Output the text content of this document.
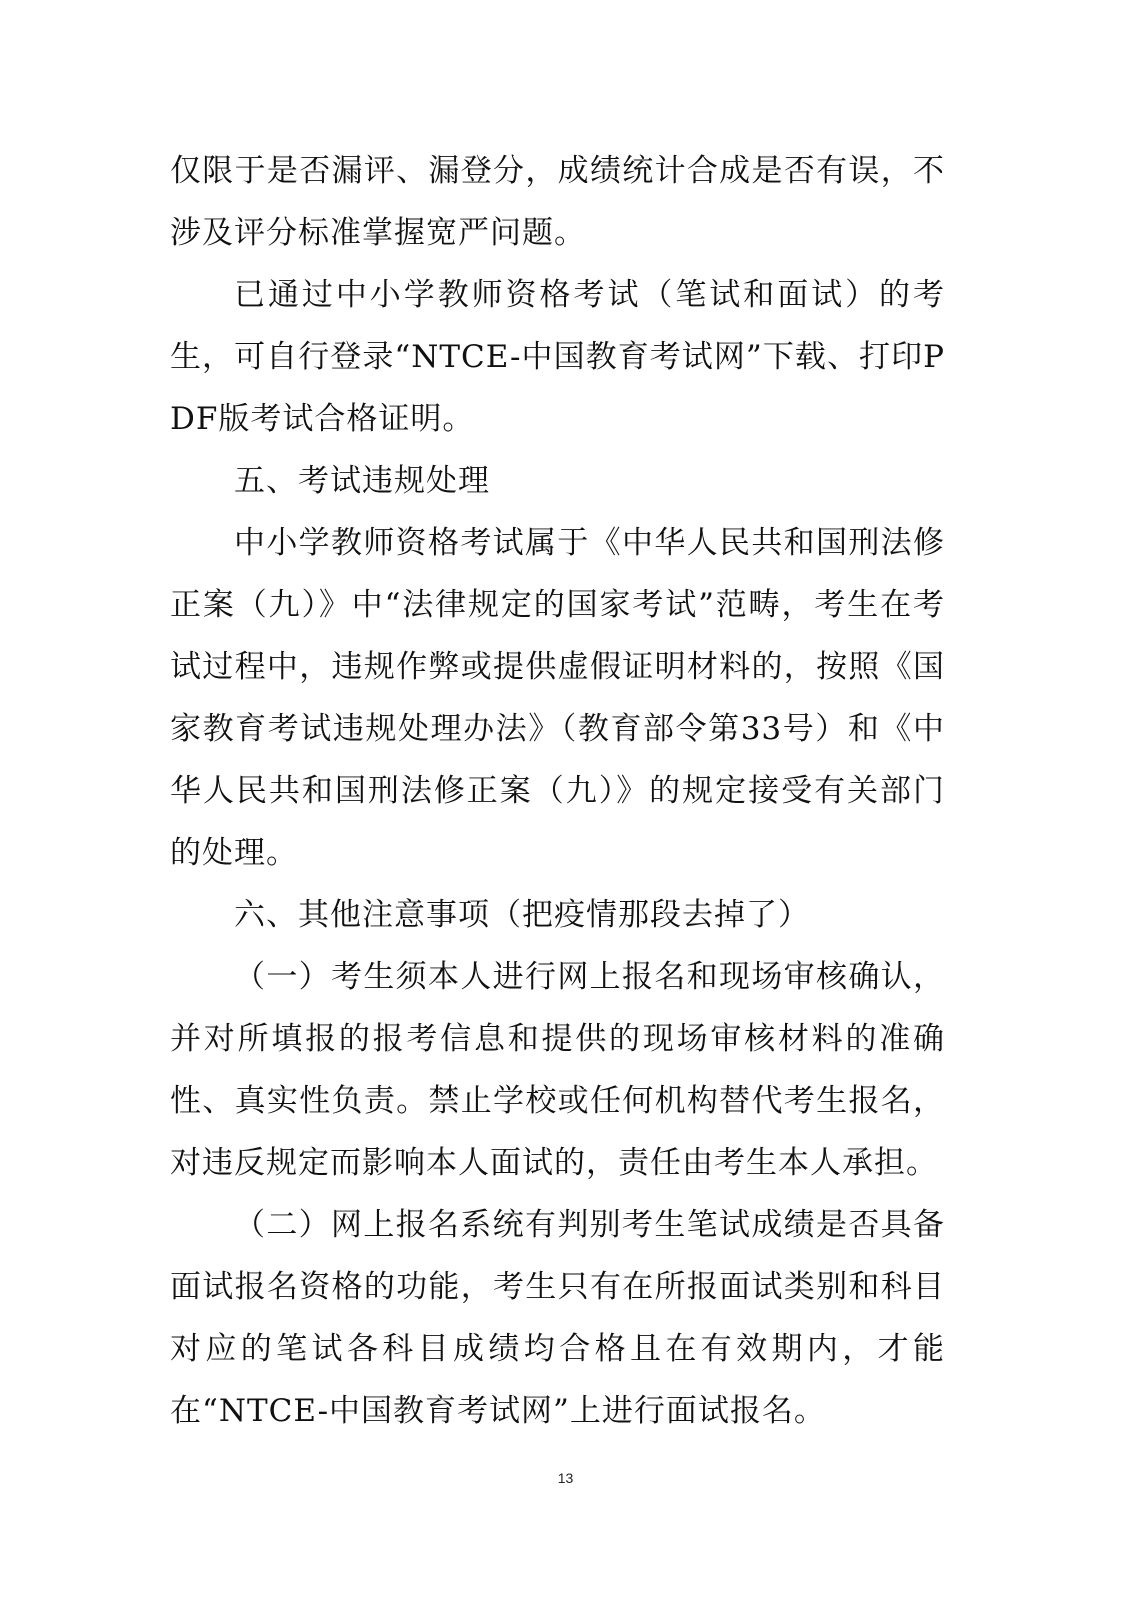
仅限于是否漏评、漏登分，成绩统计合成是否有误，不涉及评分标准掌握宽严问题。

已通过中小学教师资格考试（笔试和面试）的考生，可自行登录“NTCE-中国教育考试网”下载、打印PDF版考试合格证明。

五、考试违规处理

中小学教师资格考试属于《中华人民共和国刑法修正案（九）》中“法律规定的国家考试”范畴，考生在考试过程中，违规作弊或提供虚假证明材料的，按照《国家教育考试违规处理办法》（教育部令第33号）和《中华人民共和国刑法修正案（九）》的规定接受有关部门的处理。

六、其他注意事项（把疫情那段去掉了）

（一）考生须本人进行网上报名和现场审核确认，并对所填报的报考信息和提供的现场审核材料的准确性、真实性负责。禁止学校或任何机构替代考生报名，对违反规定而影响本人面试的，责任由考生本人承担。

（二）网上报名系统有判别考生笔试成绩是否具备面试报名资格的功能，考生只有在所报面试类别和科目对应的笔试各科目成绩均合格且在有效期内，才能在“NTCE-中国教育考试网”上进行面试报名。

13
